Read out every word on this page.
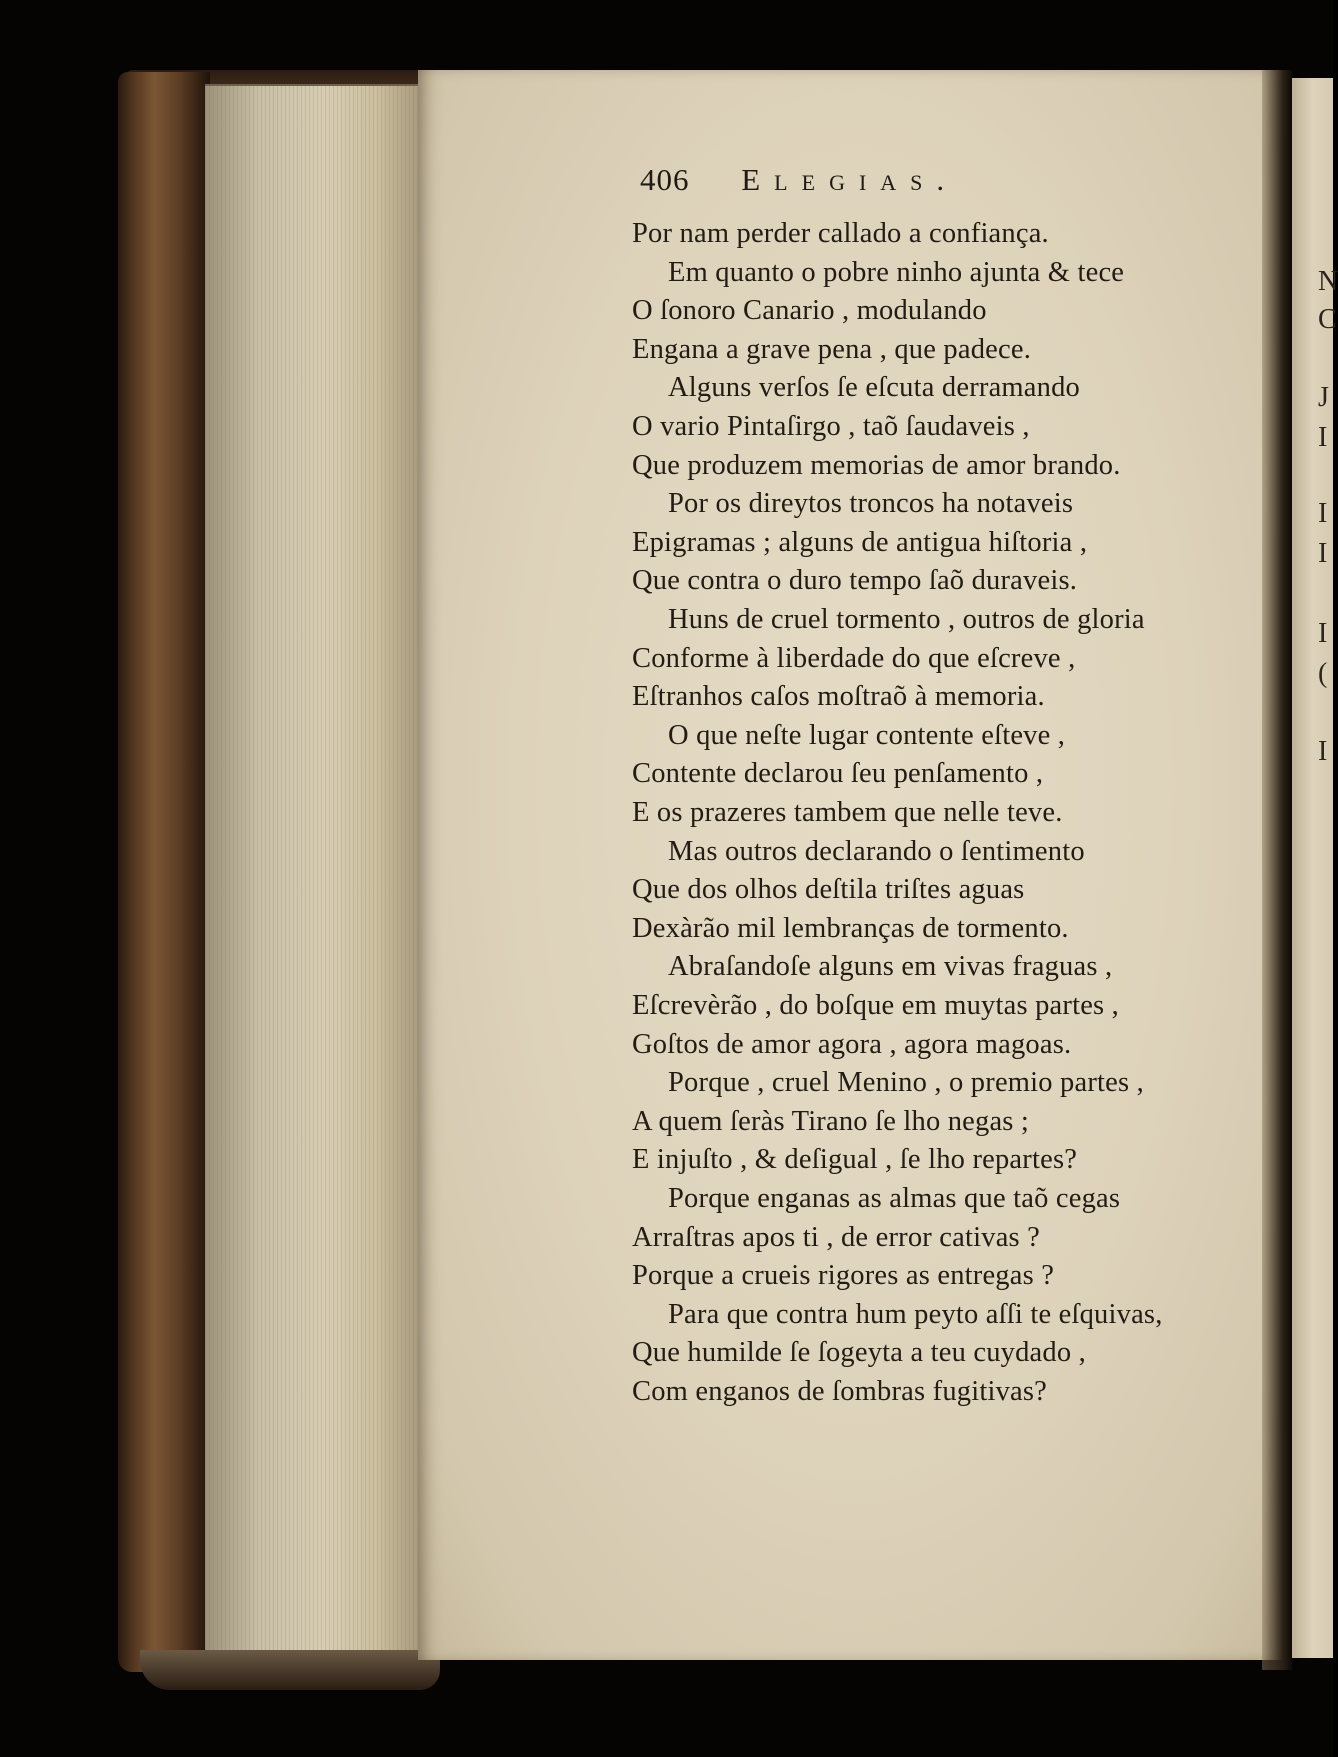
N
C
J
I
I
I
I
(
I
406 Elegias.
Por nam perder callado a confiança.
Em quanto o pobre ninho ajunta & tece
O ſonoro Canario , modulando
Engana a grave pena , que padece.
Alguns verſos ſe eſcuta derramando
O vario Pintaſirgo , taõ ſaudaveis ,
Que produzem memorias de amor brando.
Por os direytos troncos ha notaveis
Epigramas ; alguns de antigua hiſtoria ,
Que contra o duro tempo ſaõ duraveis.
Huns de cruel tormento , outros de gloria
Conforme à liberdade do que eſcreve ,
Eſtranhos caſos moſtraõ à memoria.
O que neſte lugar contente eſteve ,
Contente declarou ſeu penſamento ,
E os prazeres tambem que nelle teve.
Mas outros declarando o ſentimento
Que dos olhos deſtila triſtes aguas
Dexàrão mil lembranças de tormento.
Abraſandoſe alguns em vivas fraguas ,
Eſcrevèrão , do boſque em muytas partes ,
Goſtos de amor agora , agora magoas.
Porque , cruel Menino , o premio partes ,
A quem ſeràs Tirano ſe lho negas ;
E injuſto , & deſigual , ſe lho repartes?
Porque enganas as almas que taõ cegas
Arraſtras apos ti , de error cativas ?
Porque a crueis rigores as entregas ?
Para que contra hum peyto aſſi te eſquivas,
Que humilde ſe ſogeyta a teu cuydado ,
Com enganos de ſombras fugitivas?
